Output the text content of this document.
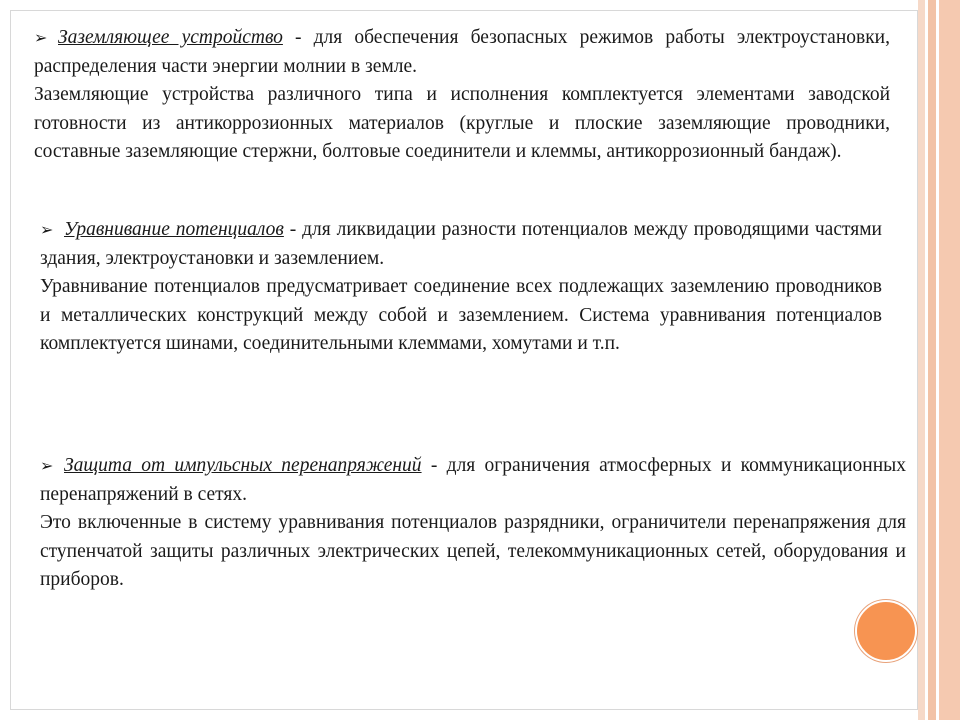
➢ Заземляющее устройство - для обеспечения безопасных режимов работы электроустановки, распределения части энергии молнии в земле.

Заземляющие устройства различного типа и исполнения комплектуется элементами заводской готовности из антикоррозионных материалов (круглые и плоские заземляющие проводники, составные заземляющие стержни, болтовые соединители и клеммы, антикоррозионный бандаж).

➢ Уравнивание потенциалов - для ликвидации разности потенциалов между проводящими частями здания, электроустановки и заземлением.

Уравнивание потенциалов предусматривает соединение всех подлежащих заземлению проводников и металлических конструкций между собой и заземлением. Система уравнивания потенциалов комплектуется шинами, соединительными клеммами, хомутами и т.п.

➢ Защита от импульсных перенапряжений - для ограничения атмосферных и коммуникационных перенапряжений в сетях.

Это включенные в систему уравнивания потенциалов разрядники, ограничители перенапряжения для ступенчатой защиты различных электрических цепей, телекоммуникационных сетей, оборудования и приборов.
